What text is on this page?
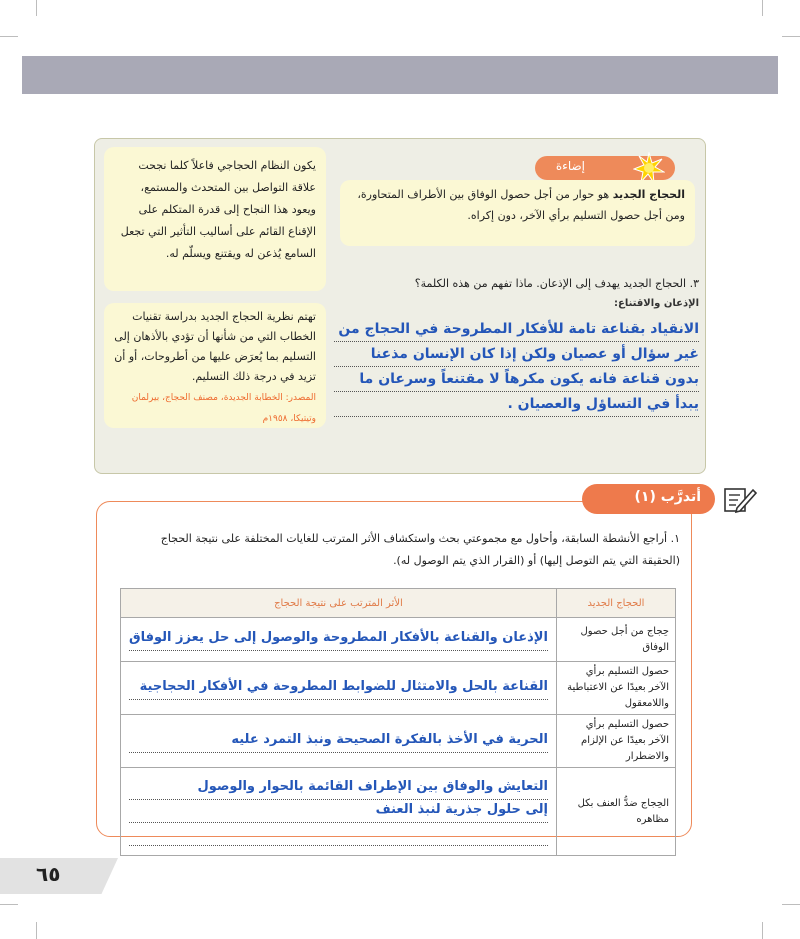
إضاءة
الحجاج الجديد هو حوار من أجل حصول الوفاق بين الأطراف المتحاورة، ومن أجل حصول التسليم برأي الآخر، دون إكراه.
يكون النظام الحجاجي فاعلاً كلما نجحت علاقة التواصل بين المتحدث والمستمع، ويعود هذا النجاح إلى قدرة المتكلم على الإقناع القائم على أساليب التأثير التي تجعل السامع يُذعن له ويقتنع ويسلّم له.
تهتم نظرية الحجاج الجديد بدراسة تقنيات الخطاب التي من شأنها أن تؤدي بالأذهان إلى التسليم بما يُعرَض عليها من أطروحات، أو أن تزيد في درجة ذلك التسليم.
المصدر: الخطابة الجديدة، مصنف الحجاج، بيرلمان وتيتيكا، ١٩٥٨م
٣. الحجاج الجديد يهدف إلى الإذعان. ماذا تفهم من هذه الكلمة؟
الإذعان والاقتناع:
الانقياد بقناعة تامة للأفكار المطروحة في الحجاج من
غير سؤال أو عصيان ولكن إذا كان الإنسان مذعنا
بدون قناعة فانه يكون مكرهاً لا مقتنعاً وسرعان ما
يبدأ في التساؤل والعصيان .
أتدرَّب (١)
١. أراجع الأنشطة السابقة، وأحاول مع مجموعتي بحث واستكشاف الأثر المترتب للغايات المختلفة على نتيجة الحجاج (الحقيقة التي يتم التوصل إليها) أو (القرار الذي يتم الوصول له).
الحجاج الجديد	الأثر المترتب على نتيجة الحجاج
حِجاج من أجل حصول الوفاق	الإذعان والقناعة بالأفكار المطروحة والوصول إلى حل يعزز الوفاق

حصول التسليم برأي الآخر بعيدًا عن الاعتباطية واللامعقول	القناعة بالحل والامتثال للضوابط المطروحة في الأفكار الحجاجية

حصول التسليم برأي الآخر بعيدًا عن الإلزام والاضطرار	الحرية في الأخذ بالفكرة الصحيحة ونبذ التمرد عليه

الحِجاج ضدُّ العنف بكل مظاهره	التعايش والوفاق بين الإطراف القائمة بالحوار والوصول
إلى حلول جذرية لنبذ العنف
٦٥
